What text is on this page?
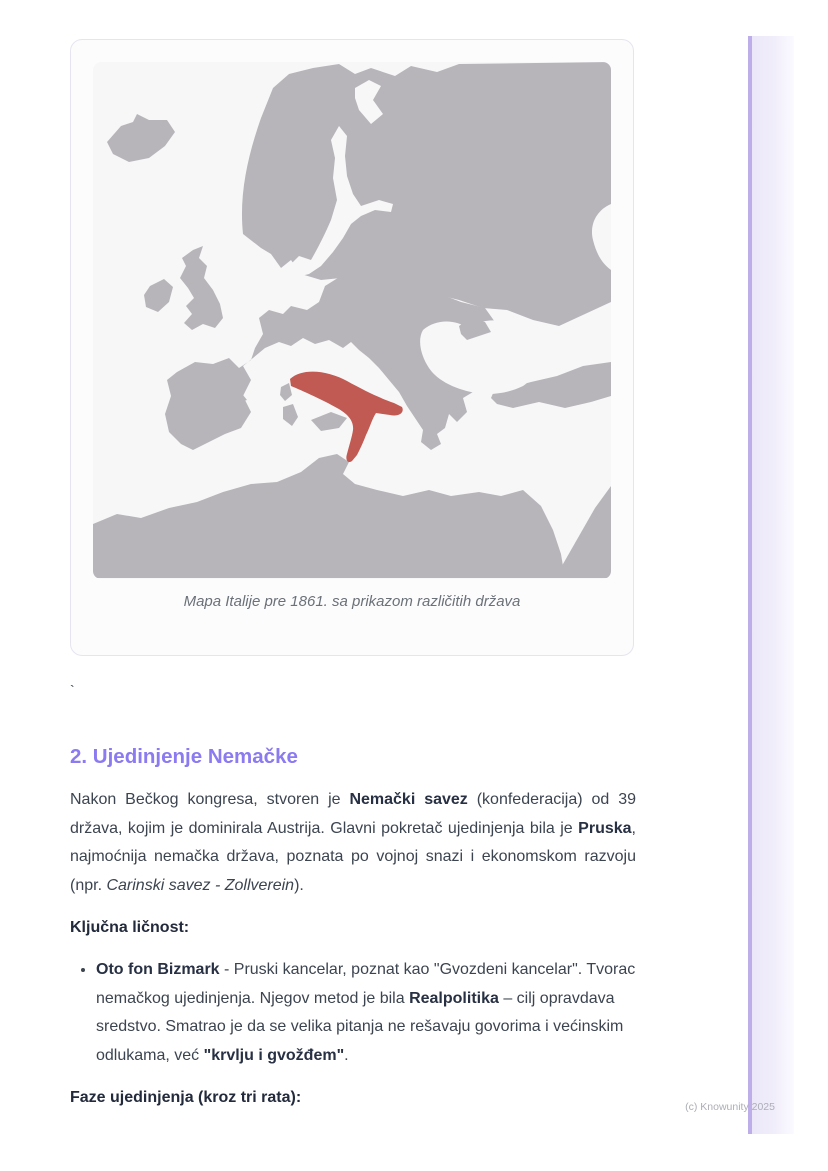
Mapa Italije pre 1861. sa prikazom različitih država
`
2. Ujedinjenje Nemačke

Nakon Bečkog kongresa, stvoren je Nemački savez (konfederacija) od 39 država, kojim je dominirala Austrija. Glavni pokretač ujedinjenja bila je Pruska, najmoćnija nemačka država, poznata po vojnoj snazi i ekonomskom razvoju (npr. Carinski savez - Zollverein).

Ključna ličnost:
• Oto fon Bizmark - Pruski kancelar, poznat kao "Gvozdeni kancelar". Tvorac nemačkog ujedinjenja. Njegov metod je bila Realpolitika – cilj opravdava sredstvo. Smatrao je da se velika pitanja ne rešavaju govorima i većinskim odlukama, već "krvlju i gvožđem".
Faze ujedinjenja (kroz tri rata):
(c) Knowunity 2025
